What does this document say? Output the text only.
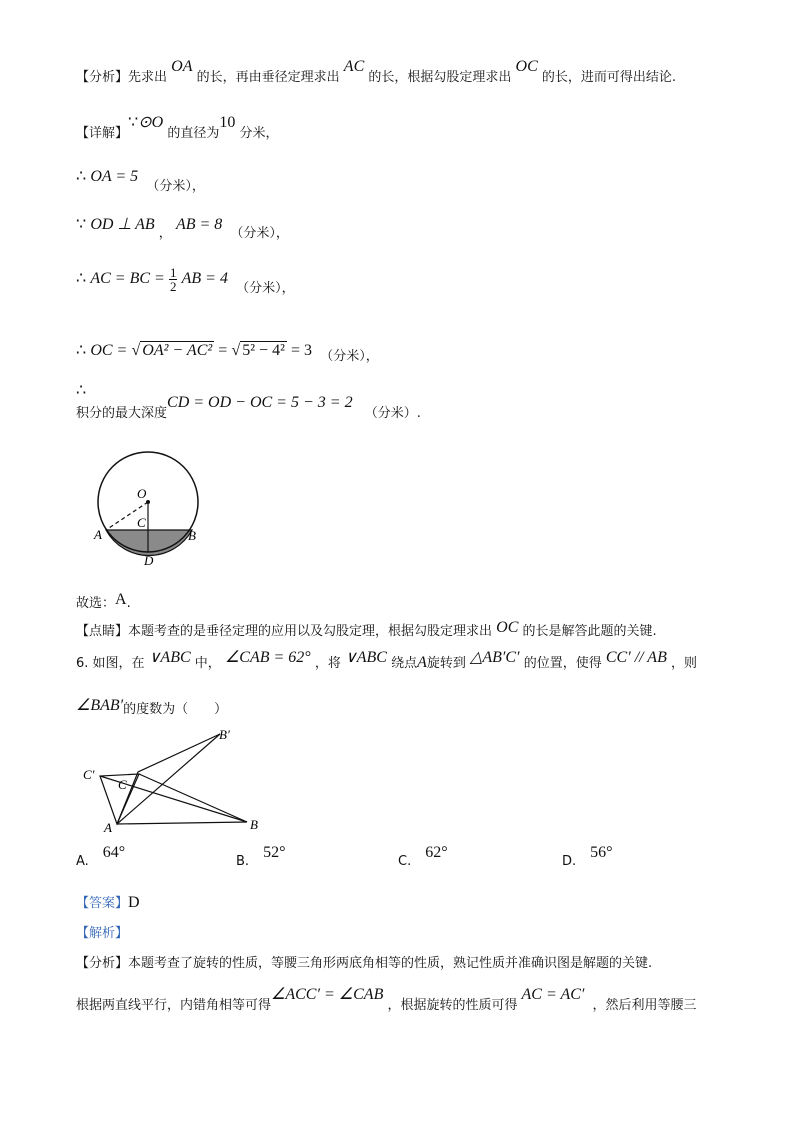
【分析】先求出 OA 的长，再由垂径定理求出 AC 的长，根据勾股定理求出 OC 的长，进而可得出结论.
【详解】∵⊙O 的直径为10 分米，
∴ OA = 5 （分米），
∵ OD ⊥ AB ， AB = 8 （分米），
∴ AC = BC = $\frac{1}{2}$ AB = 4 （分米），
∴ OC = √ OA² − AC² = √ 5² − 4² = 3 （分米），
∴
积分的最大深度CD = OD − OC = 5 − 3 = 2 （分米）.
O
C
A	B
D
故选：A.
【点睛】本题考查的是垂径定理的应用以及勾股定理，根据勾股定理求出 OC 的长是解答此题的关键.
6. 如图，在 ∨ABC 中， ∠CAB = 62° ，将 ∨ABC 绕点A旋转到 △AB′C′ 的位置，使得 CC′ // AB ，则
∠BAB′的度数为（　　）
B′
C′
C
A	B
A.64°
B.52°
C.62°
D.56°
【答案】D
【解析】
【分析】本题考查了旋转的性质，等腰三角形两底角相等的性质，熟记性质并准确识图是解题的关键.
根据两直线平行，内错角相等可得∠ACC′ = ∠CAB ，根据旋转的性质可得AC = AC′ ，然后利用等腰三
